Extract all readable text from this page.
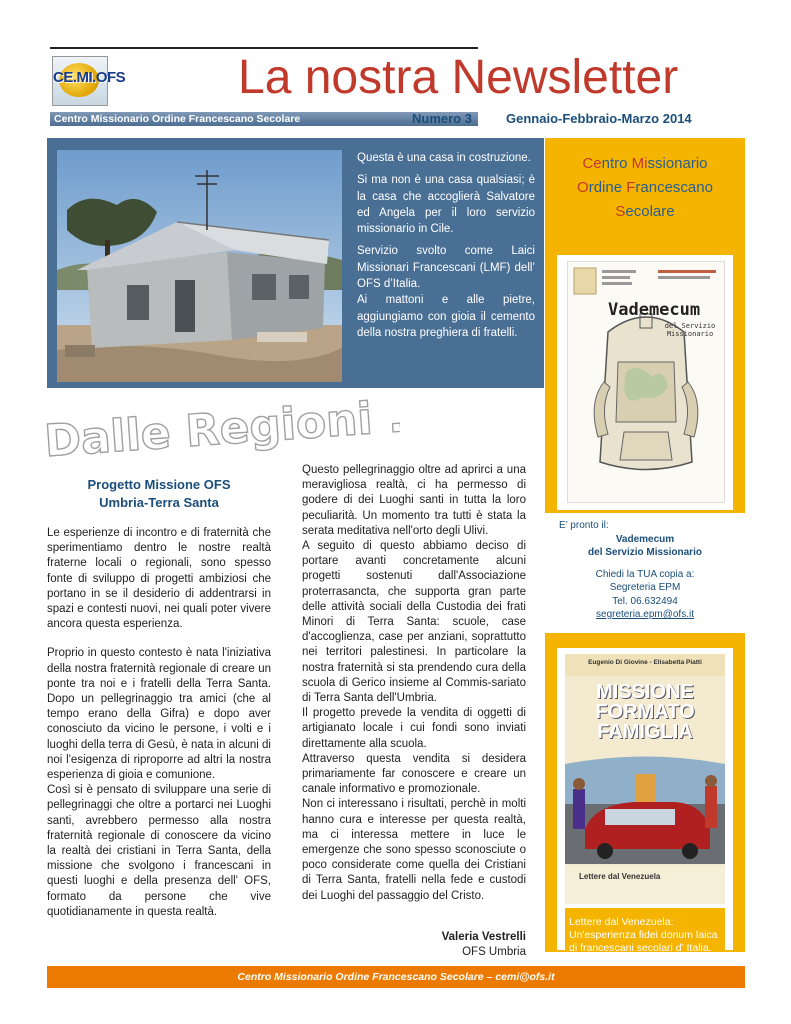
CE.MI.OFS La nostra Newsletter
Centro Missionario Ordine Francescano Secolare	Numero 3	Gennaio-Febbraio-Marzo 2014

Questa è una casa in costruzione.

Si ma non è una casa qualsiasi; è la casa che accoglierà Salvatore ed Angela per il loro servizio missionario in Cile.

Servizio svolto come Laici Missionari Francescani (LMF) dell’ OFS d’Italia.

Ai mattoni e alle pietre, aggiungiamo con gioia il cemento della nostra preghiera di fratelli.

Centro Missionario
Ordine Francescano
Secolare
Vademecum
del Servizio Missionario
E’ pronto il:
Vademecum
del Servizio Missionario
Chiedi la TUA copia a:
Segreteria EPM
Tel. 06.632494
segreteria.epm@ofs.it
Eugenio Di Giovine - Elisabetta Piatti
MISSIONE
FORMATO
FAMIGLIA
Lettere dal Venezuela
Lettere dal Venezuela: Un'esperienza fidei donum laica di francescani secolari d’ Italia.
Dalle Regioni ...
Progetto Missione OFS
Umbria-Terra Santa

Le esperienze di incontro e di fraternità che sperimentiamo dentro le nostre realtà fraterne locali o regionali, sono spesso fonte di sviluppo di progetti ambiziosi che portano in se il desiderio di addentrarsi in spazi e contesti nuovi, nei quali poter vivere ancora questa esperienza.

Proprio in questo contesto è nata l'iniziativa della nostra fraternità regionale di creare un ponte tra noi e i fratelli della Terra Santa. Dopo un pellegrinaggio tra amici (che al tempo erano della Gifra) e dopo aver conosciuto da vicino le persone, i volti e i luoghi della terra di Gesù, è nata in alcuni di noi l'esigenza di riproporre ad altri la nostra esperienza di gioia e comunione.

Così si è pensato di sviluppare una serie di pellegrinaggi che oltre a portarci nei Luoghi santi, avrebbero permesso alla nostra fraternità regionale di conoscere da vicino la realtà dei cristiani in Terra Santa, della missione che svolgono i francescani in questi luoghi e della presenza dell' OFS, formato da persone che vive quotidianamente in questa realtà.

Questo pellegrinaggio oltre ad aprirci a una meravigliosa realtà, ci ha permesso di godere di dei Luoghi santi in tutta la loro peculiarità. Un momento tra tutti è stata la serata meditativa nell'orto degli Ulivi.

A seguito di questo abbiamo deciso di portare avanti concretamente alcuni progetti sostenuti dall'Associazione proterrasancta, che supporta gran parte delle attività sociali della Custodia dei frati Minori di Terra Santa: scuole, case d'accoglienza, case per anziani, soprattutto nei territori palestinesi. In particolare la nostra fraternità si sta prendendo cura della scuola di Gerico insieme al Commis-sariato di Terra Santa dell'Umbria.

Il progetto prevede la vendita di oggetti di artigianato locale i cui fondi sono inviati direttamente alla scuola.

Attraverso questa vendita si desidera primariamente far conoscere e creare un canale informativo e promozionale.

Non ci interessano i risultati, perchè in molti hanno cura e interesse per questa realtà, ma ci interessa mettere in luce le emergenze che sono spesso sconosciute o poco considerate come quella dei Cristiani di Terra Santa, fratelli nella fede e custodi dei Luoghi del passaggio del Cristo.

Valeria Vestrelli
OFS Umbria
Centro Missionario Ordine Francescano Secolare – cemi@ofs.it
